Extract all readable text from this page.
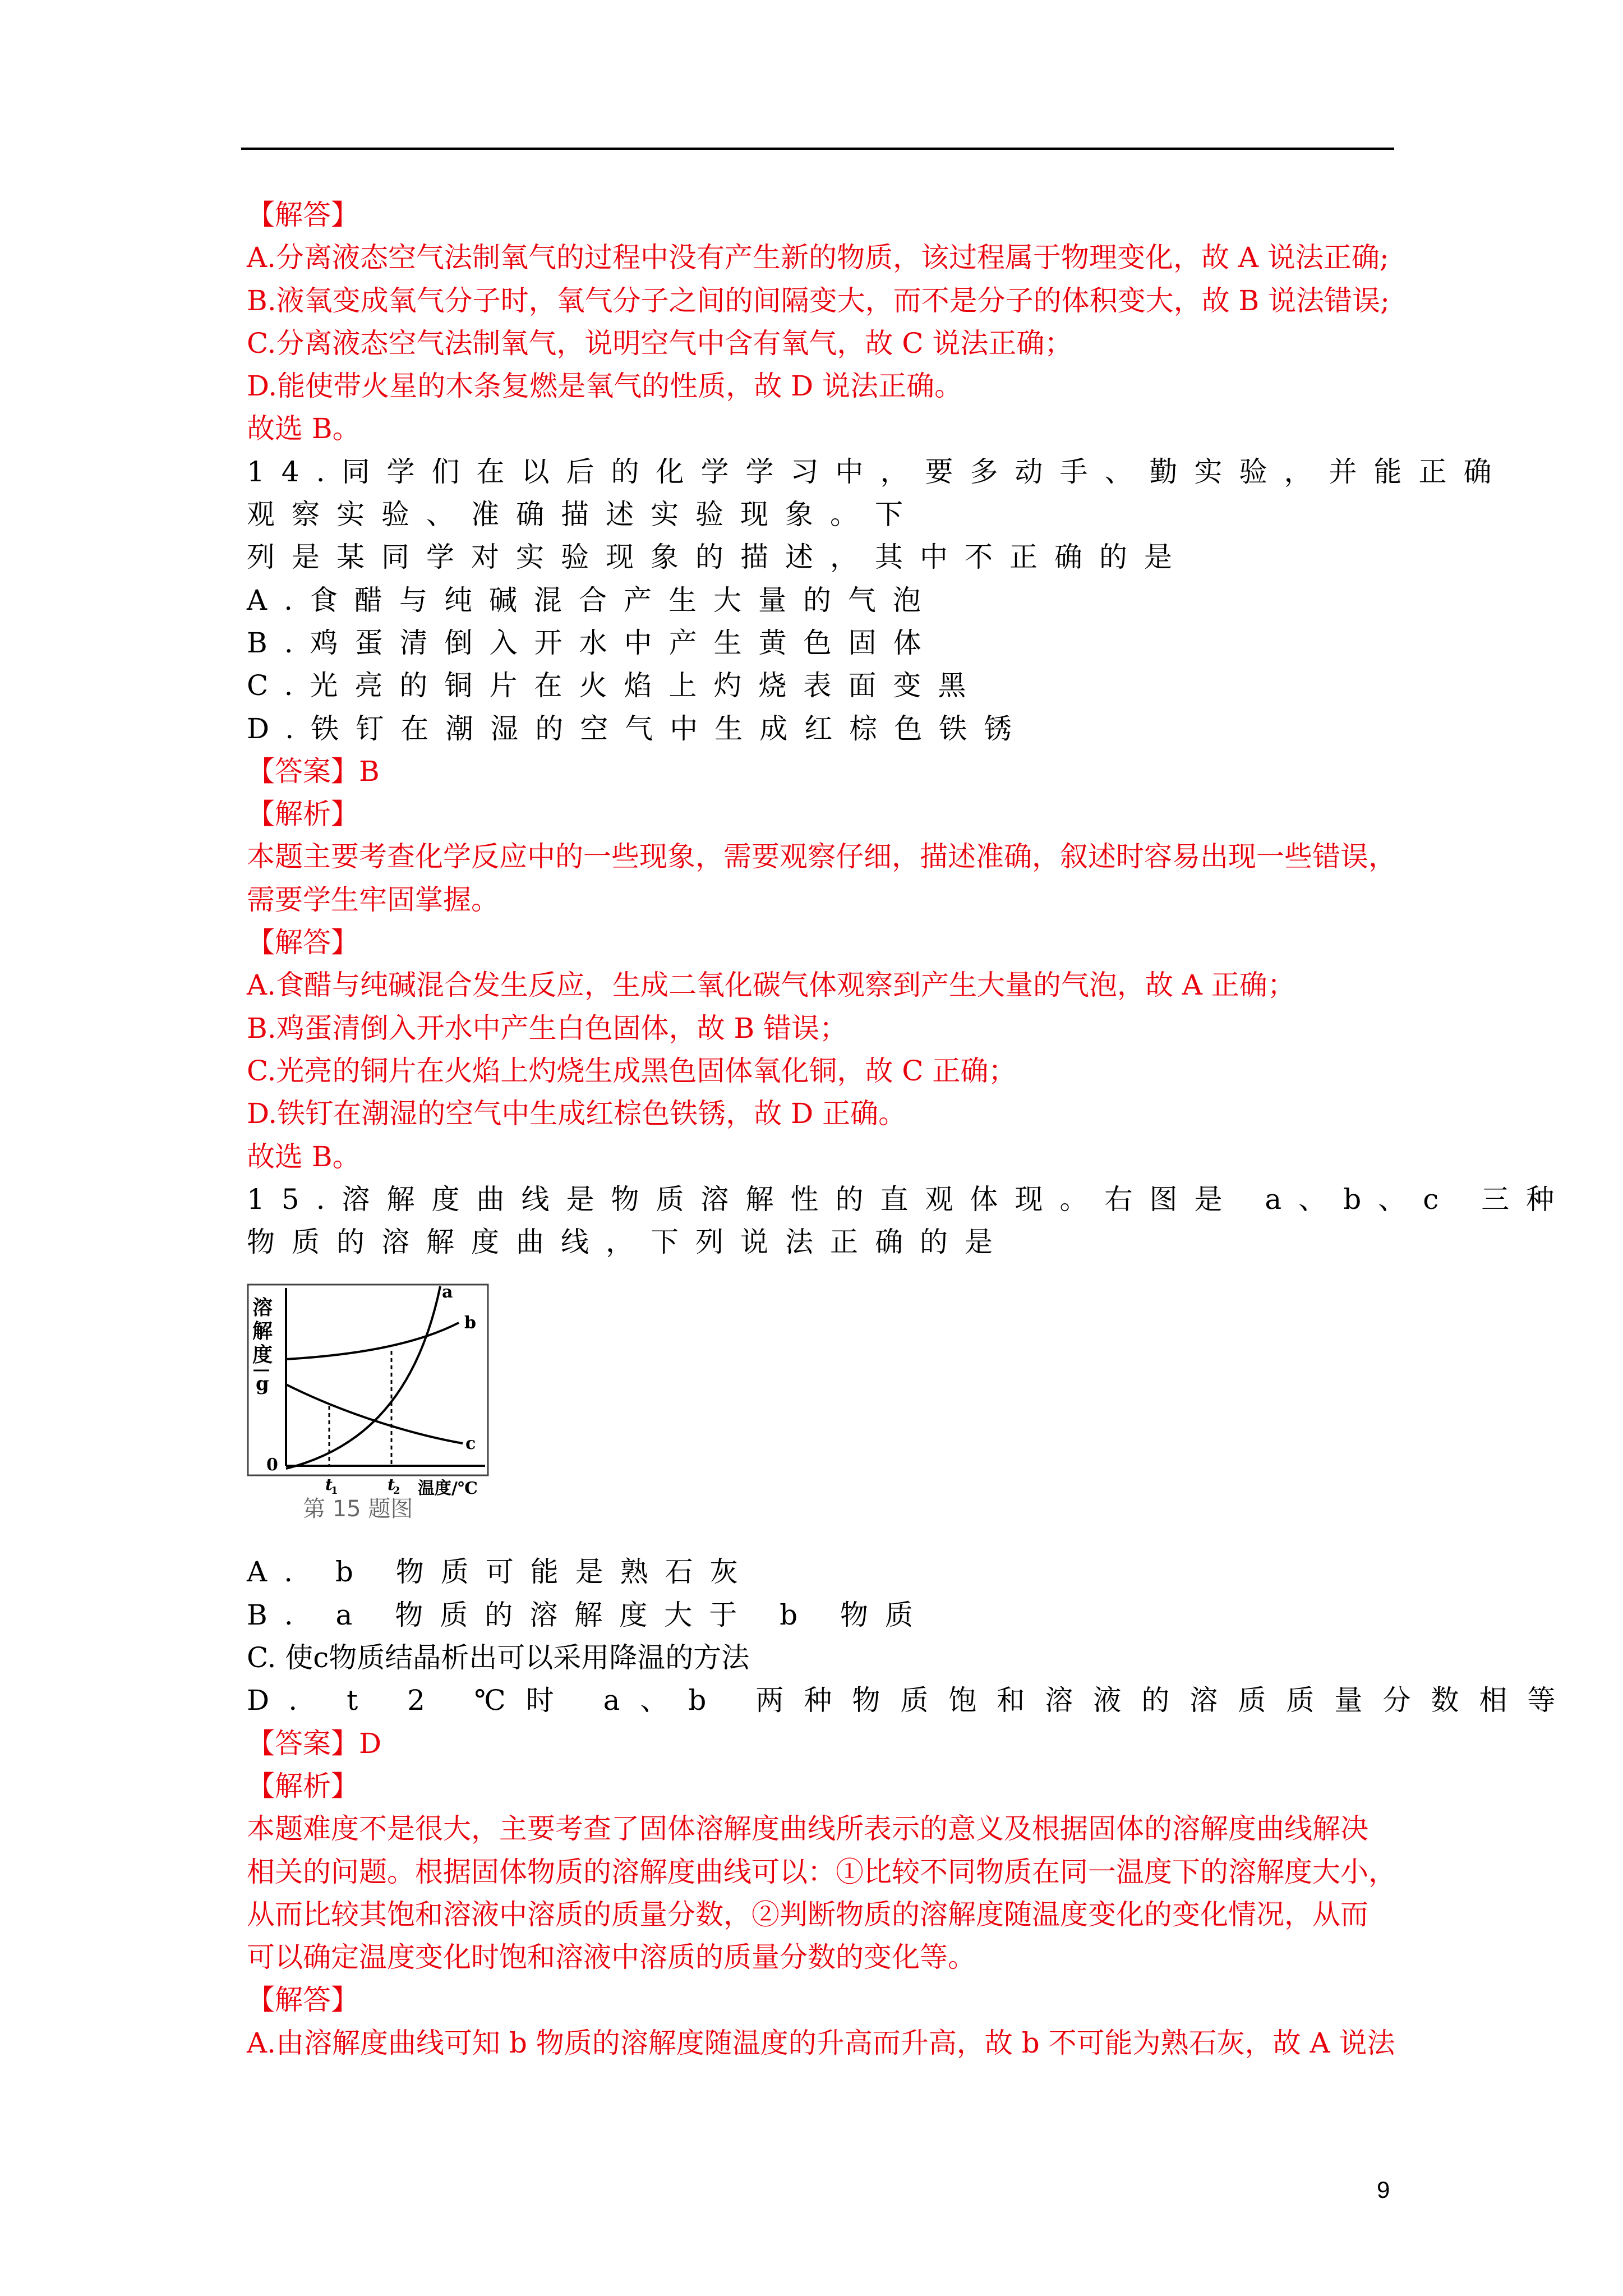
【解答】
A.分离液态空气法制氧气的过程中没有产生新的物质，该过程属于物理变化，故 A 说法正确;
B.液氧变成氧气分子时，氧气分子之间的间隔变大，而不是分子的体积变大，故 B 说法错误;
C.分离液态空气法制氧气，说明空气中含有氧气，故 C 说法正确；
D.能使带火星的木条复燃是氧气的性质，故 D 说法正确。
故选 B。
14.同学们在以后的化学学习中，要多动手、勤实验，并能正确
观察实验、准确描述实验现象。下
列是某同学对实验现象的描述，其中不正确的是
A.食醋与纯碱混合产生大量的气泡
B.鸡蛋清倒入开水中产生黄色固体
C.光亮的铜片在火焰上灼烧表面变黑
D.铁钉在潮湿的空气中生成红棕色铁锈
【答案】B
【解析】
本题主要考查化学反应中的一些现象，需要观察仔细，描述准确，叙述时容易出现一些错误，
需要学生牢固掌握。
【解答】
A.食醋与纯碱混合发生反应，生成二氧化碳气体观察到产生大量的气泡，故 A 正确；
B.鸡蛋清倒入开水中产生白色固体，故 B 错误；
C.光亮的铜片在火焰上灼烧生成黑色固体氧化铜，故 C 正确；
D.铁钉在潮湿的空气中生成红棕色铁锈，故 D 正确。
故选 B。
15.溶解度曲线是物质溶解性的直观体现。右图是 a、b、c 三种
物质的溶解度曲线，下列说法正确的是
溶
解
度
g
0
t
1	t
2 温度/℃
a
b
c
第 15 题图
A. b 物质可能是熟石灰
B. a 物质的溶解度大于 b 物质
C. 使c物质结晶析出可以采用降温的方法
D. t 2 ℃时 a、b 两种物质饱和溶液的溶质质量分数相等
【答案】D
【解析】
本题难度不是很大，主要考查了固体溶解度曲线所表示的意义及根据固体的溶解度曲线解决
相关的问题。根据固体物质的溶解度曲线可以：①比较不同物质在同一温度下的溶解度大小，
从而比较其饱和溶液中溶质的质量分数，②判断物质的溶解度随温度变化的变化情况，从而
可以确定温度变化时饱和溶液中溶质的质量分数的变化等。
【解答】
A.由溶解度曲线可知 b 物质的溶解度随温度的升高而升高，故 b 不可能为熟石灰，故 A 说法
9
